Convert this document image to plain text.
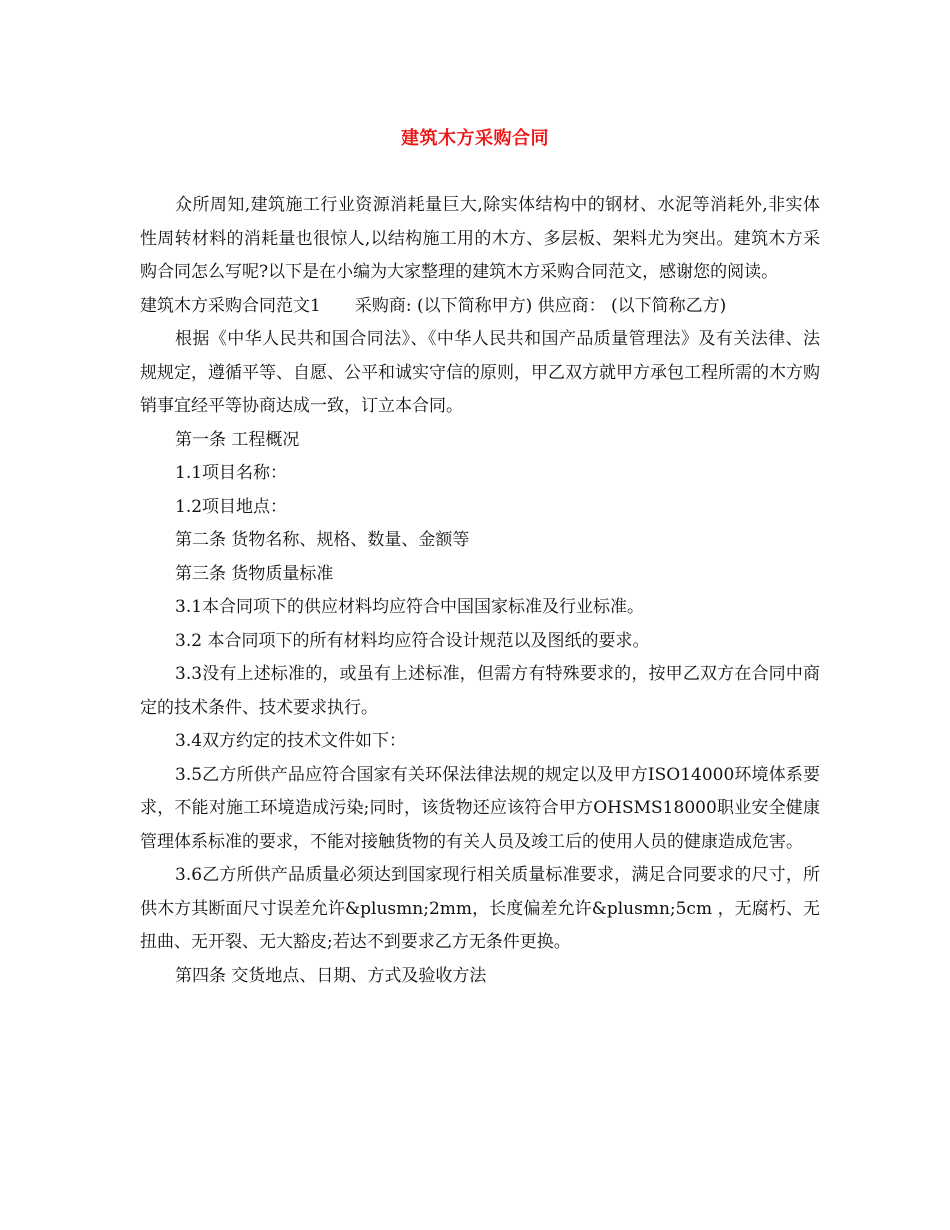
建筑木方采购合同

众所周知,建筑施工行业资源消耗量巨大,除实体结构中的钢材、水泥等消耗外,非实体性周转材料的消耗量也很惊人,以结构施工用的木方、多层板、架料尤为突出。建筑木方采购合同怎么写呢?以下是在小编为大家整理的建筑木方采购合同范文，感谢您的阅读。

建筑木方采购合同范文1 采购商: (以下简称甲方) 供应商： (以下简称乙方)

根据《中华人民共和国合同法》、《中华人民共和国产品质量管理法》及有关法律、法规规定，遵循平等、自愿、公平和诚实守信的原则，甲乙双方就甲方承包工程所需的木方购销事宜经平等协商达成一致，订立本合同。

第一条 工程概况

1.1项目名称：

1.2项目地点：

第二条 货物名称、规格、数量、金额等

第三条 货物质量标准

3.1本合同项下的供应材料均应符合中国国家标准及行业标准。

3.2 本合同项下的所有材料均应符合设计规范以及图纸的要求。

3.3没有上述标准的，或虽有上述标准，但需方有特殊要求的，按甲乙双方在合同中商定的技术条件、技术要求执行。

3.4双方约定的技术文件如下：

3.5乙方所供产品应符合国家有关环保法律法规的规定以及甲方ISO14000环境体系要求，不能对施工环境造成污染;同时，该货物还应该符合甲方OHSMS18000职业安全健康管理体系标准的要求，不能对接触货物的有关人员及竣工后的使用人员的健康造成危害。

3.6乙方所供产品质量必须达到国家现行相关质量标准要求，满足合同要求的尺寸，所供木方其断面尺寸误差允许&plusmn;2mm，长度偏差允许&plusmn;5cm ，无腐朽、无扭曲、无开裂、无大豁皮;若达不到要求乙方无条件更换。

第四条 交货地点、日期、方式及验收方法
